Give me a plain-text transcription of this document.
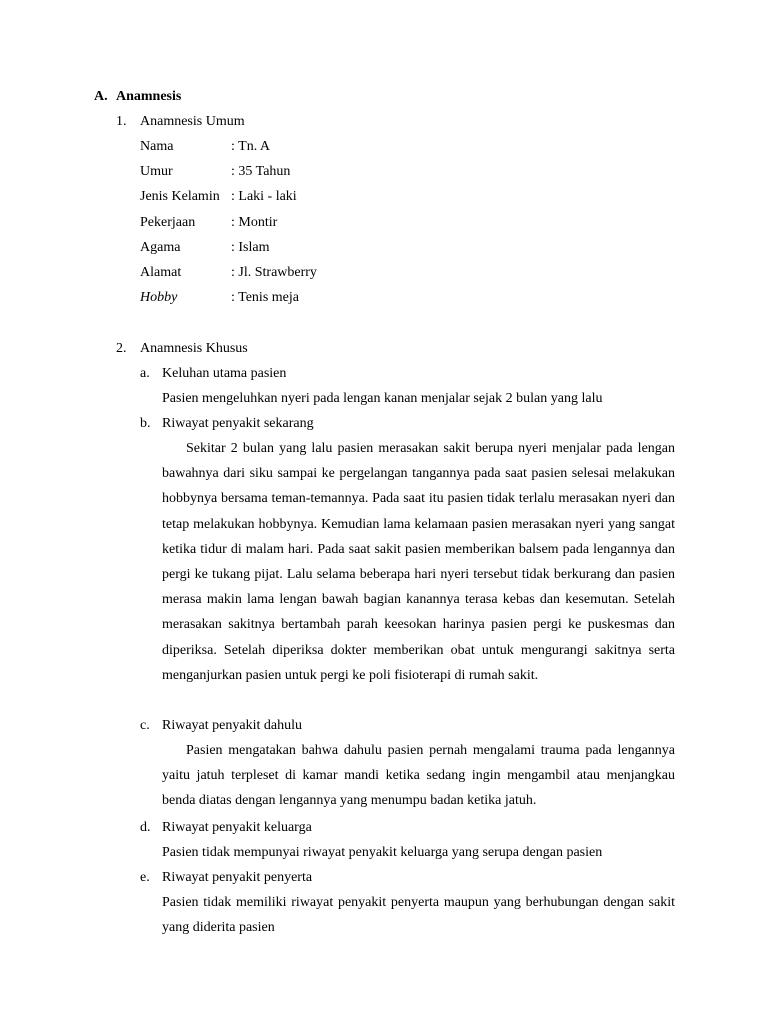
A. Anamnesis
1. Anamnesis Umum
Nama	: Tn. A
Umur	: 35 Tahun
Jenis Kelamin : Laki - laki
Pekerjaan	: Montir
Agama	: Islam
Alamat	: Jl. Strawberry
Hobby	: Tenis meja
2. Anamnesis Khusus
a. Keluhan utama pasien
Pasien mengeluhkan nyeri pada lengan kanan menjalar sejak 2 bulan yang lalu
b. Riwayat penyakit sekarang
Sekitar 2 bulan yang lalu pasien merasakan sakit berupa nyeri menjalar pada lengan bawahnya dari siku sampai ke pergelangan tangannya pada saat pasien selesai melakukan hobbynya bersama teman-temannya. Pada saat itu pasien tidak terlalu merasakan nyeri dan tetap melakukan hobbynya. Kemudian lama kelamaan pasien merasakan nyeri yang sangat ketika tidur di malam hari. Pada saat sakit pasien memberikan balsem pada lengannya dan pergi ke tukang pijat. Lalu selama beberapa hari nyeri tersebut tidak berkurang dan pasien merasa makin lama lengan bawah bagian kanannya terasa kebas dan kesemutan. Setelah merasakan sakitnya bertambah parah keesokan harinya pasien pergi ke puskesmas dan diperiksa. Setelah diperiksa dokter memberikan obat untuk mengurangi sakitnya serta menganjurkan pasien untuk pergi ke poli fisioterapi di rumah sakit.
c. Riwayat penyakit dahulu
Pasien mengatakan bahwa dahulu pasien pernah mengalami trauma pada lengannya yaitu jatuh terpleset di kamar mandi ketika sedang ingin mengambil atau menjangkau benda diatas dengan lengannya yang menumpu badan ketika jatuh.
d. Riwayat penyakit keluarga
Pasien tidak mempunyai riwayat penyakit keluarga yang serupa dengan pasien
e. Riwayat penyakit penyerta
Pasien tidak memiliki riwayat penyakit penyerta maupun yang berhubungan dengan sakit yang diderita pasien
